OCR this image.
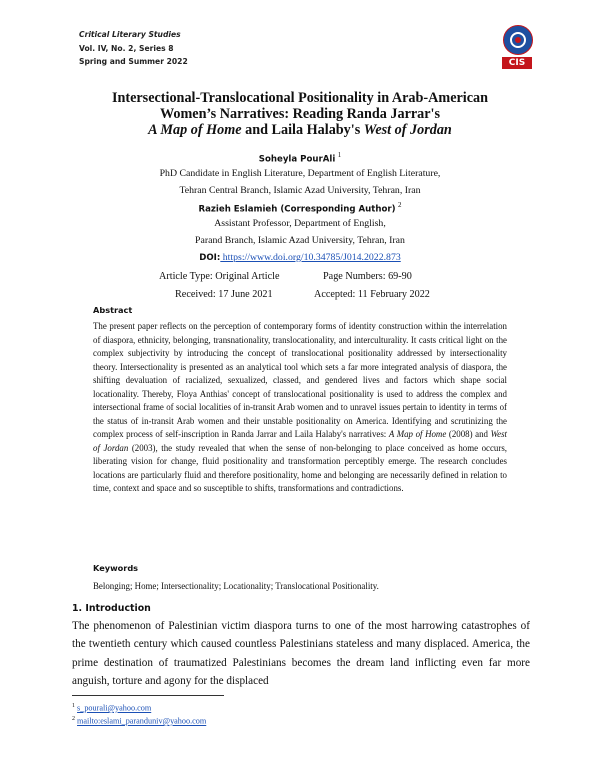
Critical Literary Studies
Vol. IV, No. 2, Series 8
Spring and Summer 2022	CIS
Intersectional-Translocational Positionality in Arab-American
Women’s Narratives: Reading Randa Jarrar's
A Map of Home and Laila Halaby's West of Jordan
Soheyla PourAli $^1$
PhD Candidate in English Literature, Department of English Literature,
Tehran Central Branch, Islamic Azad University, Tehran, Iran
Razieh Eslamieh (Corresponding Author) $^2$
Assistant Professor, Department of English,
Parand Branch, Islamic Azad University, Tehran, Iran
DOI: https://www.doi.org/10.34785/J014.2022.873
Article Type: Original Article	Page Numbers: 69-90
Received: 17 June 2021	Accepted: 11 February 2022
Abstract
The present paper reflects on the perception of contemporary forms of identity construction within the interrelation of diaspora, ethnicity, belonging, transnationality, translocationality, and interculturality. It casts critical light on the complex subjectivity by introducing the concept of translocational positionality addressed by intersectionality theory. Intersectionality is presented as an analytical tool which sets a far more integrated analysis of diaspora, the shifting devaluation of racialized, sexualized, classed, and gendered lives and factors which shape social locationality. Thereby, Floya Anthias' concept of translocational positionality is used to address the complex and intersectional frame of social localities of in-transit Arab women and to unravel issues pertain to identity in terms of the status of in-transit Arab women and their unstable positionality on America. Identifying and scrutinizing the complex process of self-inscription in Randa Jarrar and Laila Halaby's narratives: A Map of Home (2008) and West of Jordan (2003), the study revealed that when the sense of non-belonging to place conceived as home occurs, liberating vision for change, fluid positionality and transformation perceptibly emerge. The research concludes locations are particularly fluid and therefore positionality, home and belonging are necessarily defined in relation to time, context and space and so susceptible to shifts, transformations and contradictions.
Keywords
Belonging; Home; Intersectionality; Locationality; Translocational Positionality.
1. Introduction
The phenomenon of Palestinian victim diaspora turns to one of the most harrowing catastrophes of the twentieth century which caused countless Palestinians stateless and many displaced. America, the prime destination of traumatized Palestinians becomes the dream land inflicting even far more anguish, torture and agony for the displaced
$^1$ s_pourali@yahoo.com
$^2$ mailto:eslami_paranduniv@yahoo.com
